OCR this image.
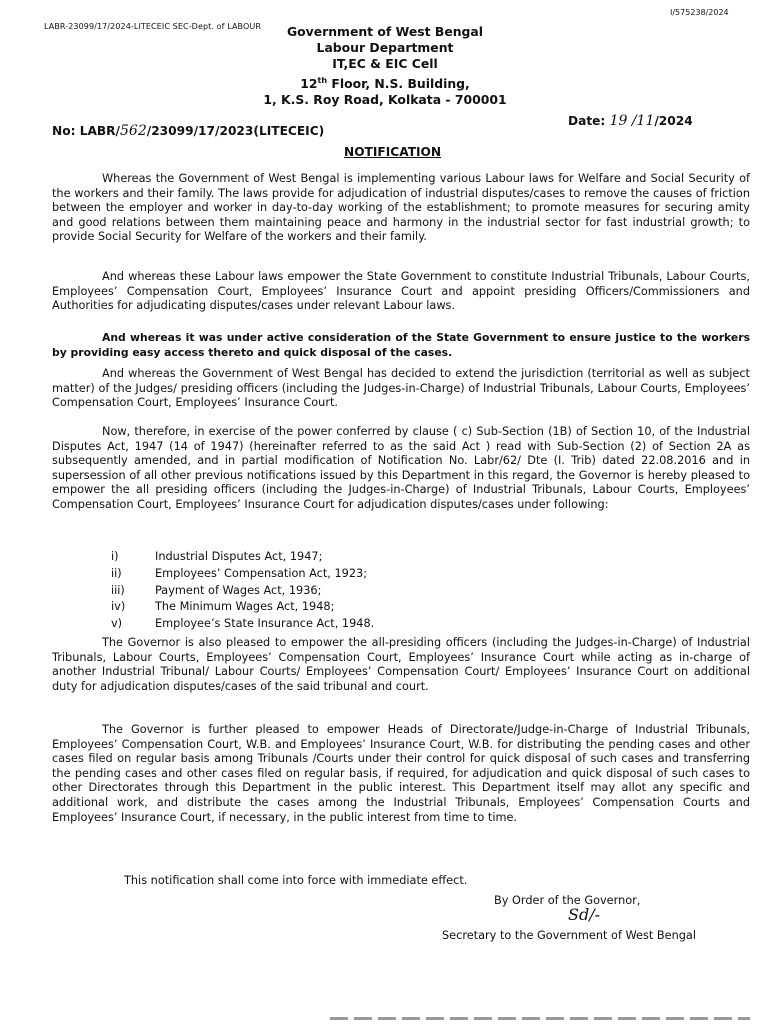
LABR-23099/17/2024-LITECEIC SEC-Dept. of LABOUR
I/575238/2024
Government of West Bengal
Labour Department
IT,EC & EIC Cell
12th Floor, N.S. Building,
1, K.S. Roy Road, Kolkata - 700001
No: LABR/562/23099/17/2023(LITECEIC)
Date: 19 /11/2024
NOTIFICATION

Whereas the Government of West Bengal is implementing various Labour laws for Welfare and Social Security of the workers and their family. The laws provide for adjudication of industrial disputes/cases to remove the causes of friction between the employer and worker in day-to-day working of the establishment; to promote measures for securing amity and good relations between them maintaining peace and harmony in the industrial sector for fast industrial growth; to provide Social Security for Welfare of the workers and their family.

And whereas these Labour laws empower the State Government to constitute Industrial Tribunals, Labour Courts, Employees’ Compensation Court, Employees’ Insurance Court and appoint presiding Officers/Commissioners and Authorities for adjudicating disputes/cases under relevant Labour laws.

And whereas it was under active consideration of the State Government to ensure justice to the workers by providing easy access thereto and quick disposal of the cases.

And whereas the Government of West Bengal has decided to extend the jurisdiction (territorial as well as subject matter) of the Judges/ presiding officers (including the Judges-in-Charge) of Industrial Tribunals, Labour Courts, Employees’ Compensation Court, Employees’ Insurance Court.

Now, therefore, in exercise of the power conferred by clause ( c) Sub-Section (1B) of Section 10, of the Industrial Disputes Act, 1947 (14 of 1947) (hereinafter referred to as the said Act ) read with Sub-Section (2) of Section 2A as subsequently amended, and in partial modification of Notification No. Labr/62/ Dte (I. Trib) dated 22.08.2016 and in supersession of all other previous notifications issued by this Department in this regard, the Governor is hereby pleased to empower the all presiding officers (including the Judges-in-Charge) of Industrial Tribunals, Labour Courts, Employees’ Compensation Court, Employees’ Insurance Court for adjudication disputes/cases under following:

i)	Industrial Disputes Act, 1947;
ii)	Employees’ Compensation Act, 1923;
iii)	Payment of Wages Act, 1936;
iv)	The Minimum Wages Act, 1948;
v)	Employee’s State Insurance Act, 1948.

The Governor is also pleased to empower the all-presiding officers (including the Judges-in-Charge) of Industrial Tribunals, Labour Courts, Employees’ Compensation Court, Employees’ Insurance Court while acting as in-charge of another Industrial Tribunal/ Labour Courts/ Employees’ Compensation Court/ Employees’ Insurance Court on additional duty for adjudication disputes/cases of the said tribunal and court.

The Governor is further pleased to empower Heads of Directorate/Judge-in-Charge of Industrial Tribunals, Employees’ Compensation Court, W.B. and Employees’ Insurance Court, W.B. for distributing the pending cases and other cases filed on regular basis among Tribunals /Courts under their control for quick disposal of such cases and transferring the pending cases and other cases filed on regular basis, if required, for adjudication and quick disposal of such cases to other Directorates through this Department in the public interest. This Department itself may allot any specific and additional work, and distribute the cases among the Industrial Tribunals, Employees’ Compensation Courts and Employees’ Insurance Court, if necessary, in the public interest from time to time.

This notification shall come into force with immediate effect.
By Order of the Governor,
Sd/-
Secretary to the Government of West Bengal
